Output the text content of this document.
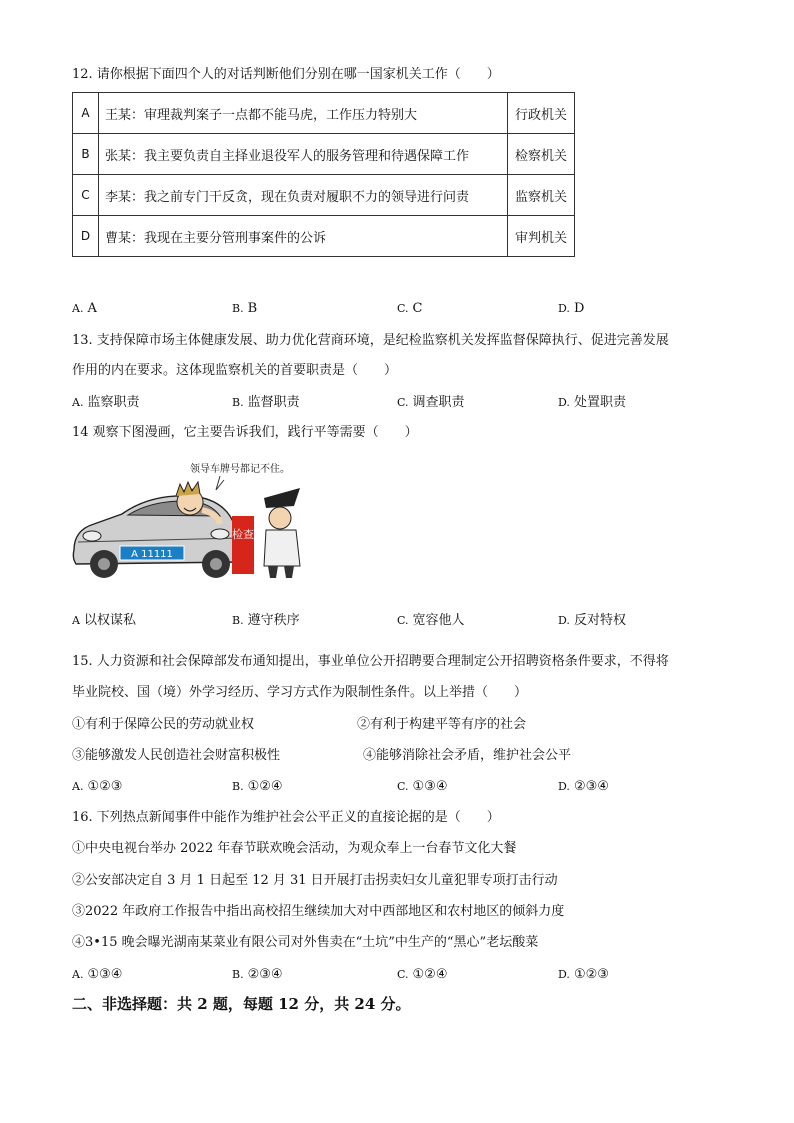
12. 请你根据下面四个人的对话判断他们分别在哪一国家机关工作（　　）
A	王某：审理裁判案子一点都不能马虎，工作压力特别大	行政机关
B	张某：我主要负责自主择业退役军人的服务管理和待遇保障工作	检察机关
C	李某：我之前专门干反贪，现在负责对履职不力的领导进行问责	监察机关
D	曹某：我现在主要分管刑事案件的公诉	审判机关
A. A	B. B	C. C	D. D
13. 支持保障市场主体健康发展、助力优化营商环境，是纪检监察机关发挥监督保障执行、促进完善发展
作用的内在要求。这体现监察机关的首要职责是（　　）
A. 监察职责	B. 监督职责	C. 调查职责	D. 处置职责
14 观察下图漫画，它主要告诉我们，践行平等需要（　　）
领导车牌号都记不住。
A 11111
检查
A 以权谋私	B. 遵守秩序	C. 宽容他人	D. 反对特权
15. 人力资源和社会保障部发布通知提出，事业单位公开招聘要合理制定公开招聘资格条件要求，不得将
毕业院校、国（境）外学习经历、学习方式作为限制性条件。以上举措（　　）
①有利于保障公民的劳动就业权	②有利于构建平等有序的社会
③能够激发人民创造社会财富积极性	④能够消除社会矛盾，维护社会公平
A. ①②③	B. ①②④	C. ①③④	D. ②③④
16. 下列热点新闻事件中能作为维护社会公平正义的直接论据的是（　　）
①中央电视台举办 2022 年春节联欢晚会活动，为观众奉上一台春节文化大餐
②公安部决定自 3 月 1 日起至 12 月 31 日开展打击拐卖妇女儿童犯罪专项打击行动
③2022 年政府工作报告中指出高校招生继续加大对中西部地区和农村地区的倾斜力度
④3•15 晚会曝光湖南某菜业有限公司对外售卖在“土坑”中生产的“黑心”老坛酸菜
A. ①③④	B. ②③④	C. ①②④	D. ①②③
二、非选择题：共 2 题，每题 12 分，共 24 分。
